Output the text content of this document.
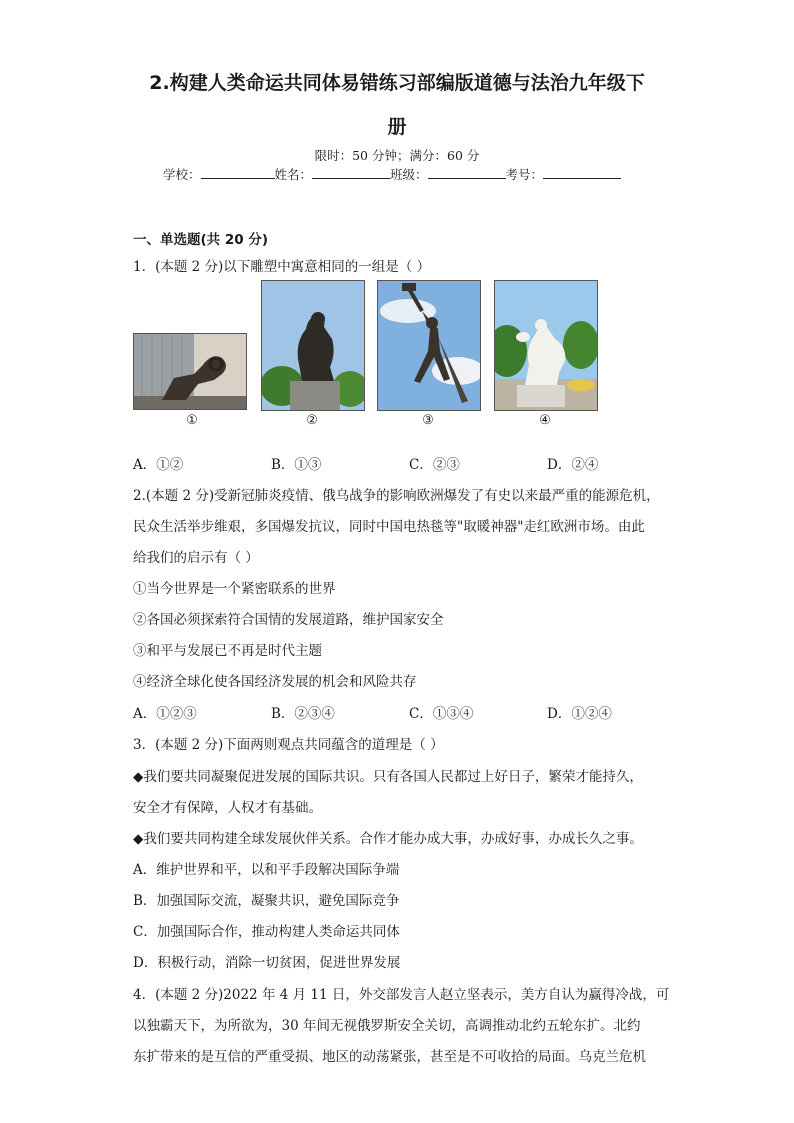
2.构建人类命运共同体易错练习部编版道德与法治九年级下
册
限时：50 分钟；满分：60 分
学校：	姓名：	班级：	考号：
一、单选题(共 20 分)
1．(本题 2 分)以下雕塑中寓意相同的一组是（ ）
①	②	③	④
A．①②	B．①③	C．②③	D．②④
2.(本题 2 分)受新冠肺炎疫情、俄乌战争的影响欧洲爆发了有史以来最严重的能源危机，
民众生活举步维艰，多国爆发抗议，同时中国电热毯等"取暖神器"走红欧洲市场。由此
给我们的启示有（ ）
①当今世界是一个紧密联系的世界
②各国必须探索符合国情的发展道路，维护国家安全
③和平与发展已不再是时代主题
④经济全球化使各国经济发展的机会和风险共存
A．①②③	B．②③④	C．①③④	D．①②④
3．(本题 2 分)下面两则观点共同蕴含的道理是（ ）
◆我们要共同凝聚促进发展的国际共识。只有各国人民都过上好日子，繁荣才能持久，
安全才有保障，人权才有基础。
◆我们要共同构建全球发展伙伴关系。合作才能办成大事，办成好事，办成长久之事。
A．维护世界和平，以和平手段解决国际争端
B．加强国际交流，凝聚共识，避免国际竞争
C．加强国际合作，推动构建人类命运共同体
D．积极行动，消除一切贫困，促进世界发展
4．(本题 2 分)2022 年 4 月 11 日，外交部发言人赵立坚表示，美方自认为赢得冷战，可
以独霸天下，为所欲为，30 年间无视俄罗斯安全关切，高调推动北约五轮东扩。北约
东扩带来的是互信的严重受损、地区的动荡紧张，甚至是不可收拾的局面。乌克兰危机
